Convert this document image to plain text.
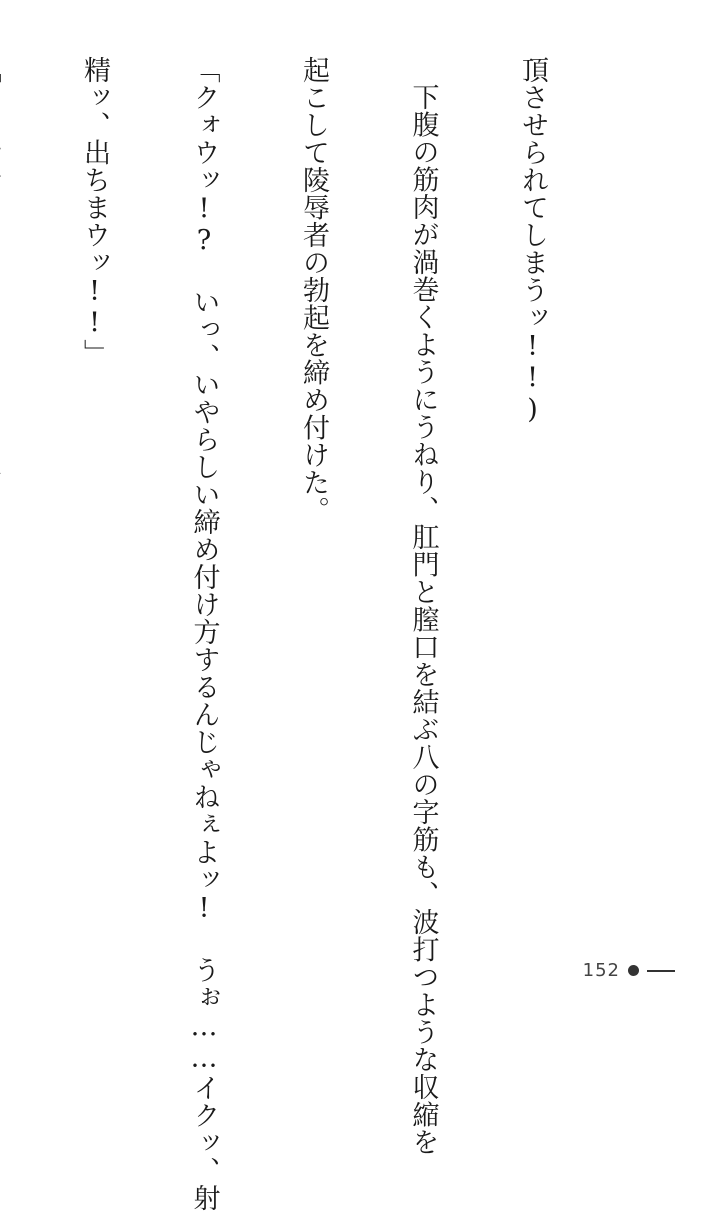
頂させられてしまうッ!!)

下腹の筋肉が渦巻くようにうねり、肛門と膣口を結ぶ八の字筋も、波打つような収縮を

起こして陵辱者の勃起を締め付けた。

「クォウッ!? いっ、いやらしい締め付け方するんじゃねぇよッ! うぉ……イクッ、射

精ッ、出ちまウッ!!」

152
